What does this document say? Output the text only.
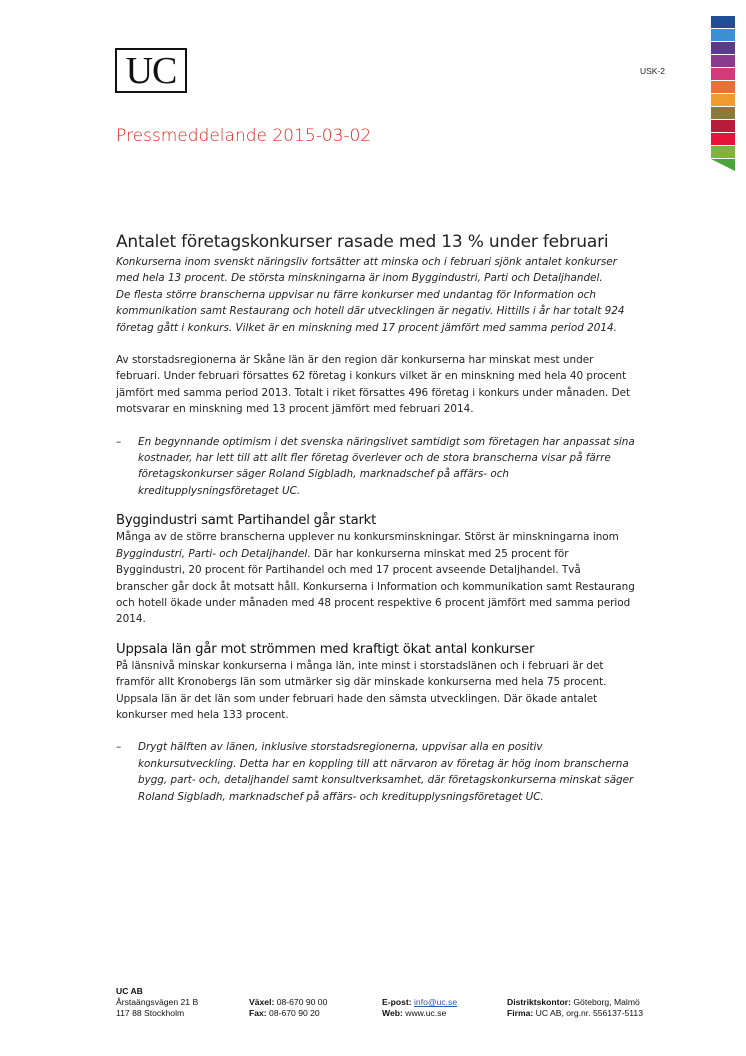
UC	USK-2
Pressmeddelande 2015-03-02
Antalet företagskonkurser rasade med 13 % under februari

Konkurserna inom svenskt näringsliv fortsätter att minska och i februari sjönk antalet konkurser med hela 13 procent. De största minskningarna är inom Byggindustri, Parti och Detaljhandel.

De flesta större branscherna uppvisar nu färre konkurser med undantag för Information och kommunikation samt Restaurang och hotell där utvecklingen är negativ. Hittills i år har totalt 924 företag gått i konkurs. Vilket är en minskning med 17 procent jämfört med samma period 2014.

Av storstadsregionerna är Skåne län är den region där konkurserna har minskat mest under februari. Under februari försattes 62 företag i konkurs vilket är en minskning med hela 40 procent jämfört med samma period 2013. Totalt i riket försattes 496 företag i konkurs under månaden. Det motsvarar en minskning med 13 procent jämfört med februari 2014.

–	En begynnande optimism i det svenska näringslivet samtidigt som företagen har anpassat sina kostnader, har lett till att allt fler företag överlever och de stora branscherna visar på färre företagskonkurser säger Roland Sigbladh, marknadschef på affärs- och kreditupplysningsföretaget UC.
Byggindustri samt Partihandel går starkt

Många av de större branscherna upplever nu konkursminskningar. Störst är minskningarna inom Byggindustri, Parti- och Detaljhandel. Där har konkurserna minskat med 25 procent för Byggindustri, 20 procent för Partihandel och med 17 procent avseende Detaljhandel. Två branscher går dock åt motsatt håll. Konkurserna i Information och kommunikation samt Restaurang och hotell ökade under månaden med 48 procent respektive 6 procent jämfört med samma period 2014.

Uppsala län går mot strömmen med kraftigt ökat antal konkurser

På länsnivå minskar konkurserna i många län, inte minst i storstadslänen och i februari är det framför allt Kronobergs län som utmärker sig där minskade konkurserna med hela 75 procent. Uppsala län är det län som under februari hade den sämsta utvecklingen. Där ökade antalet konkurser med hela 133 procent.

–	Drygt hälften av länen, inklusive storstadsregionerna, uppvisar alla en positiv konkursutveckling. Detta har en koppling till att närvaron av företag är hög inom branscherna bygg, part- och, detaljhandel samt konsultverksamhet, där företagskonkurserna minskat säger Roland Sigbladh, marknadschef på affärs- och kreditupplysningsföretaget UC.
UC AB
Årstaängsvägen 21 B
117 88 Stockholm
Växel: 08-670 90 00
Fax: 08-670 90 20
E-post: info@uc.se
Web: www.uc.se
Distriktskontor: Göteborg, Malmö
Firma: UC AB, org.nr. 556137-5113
